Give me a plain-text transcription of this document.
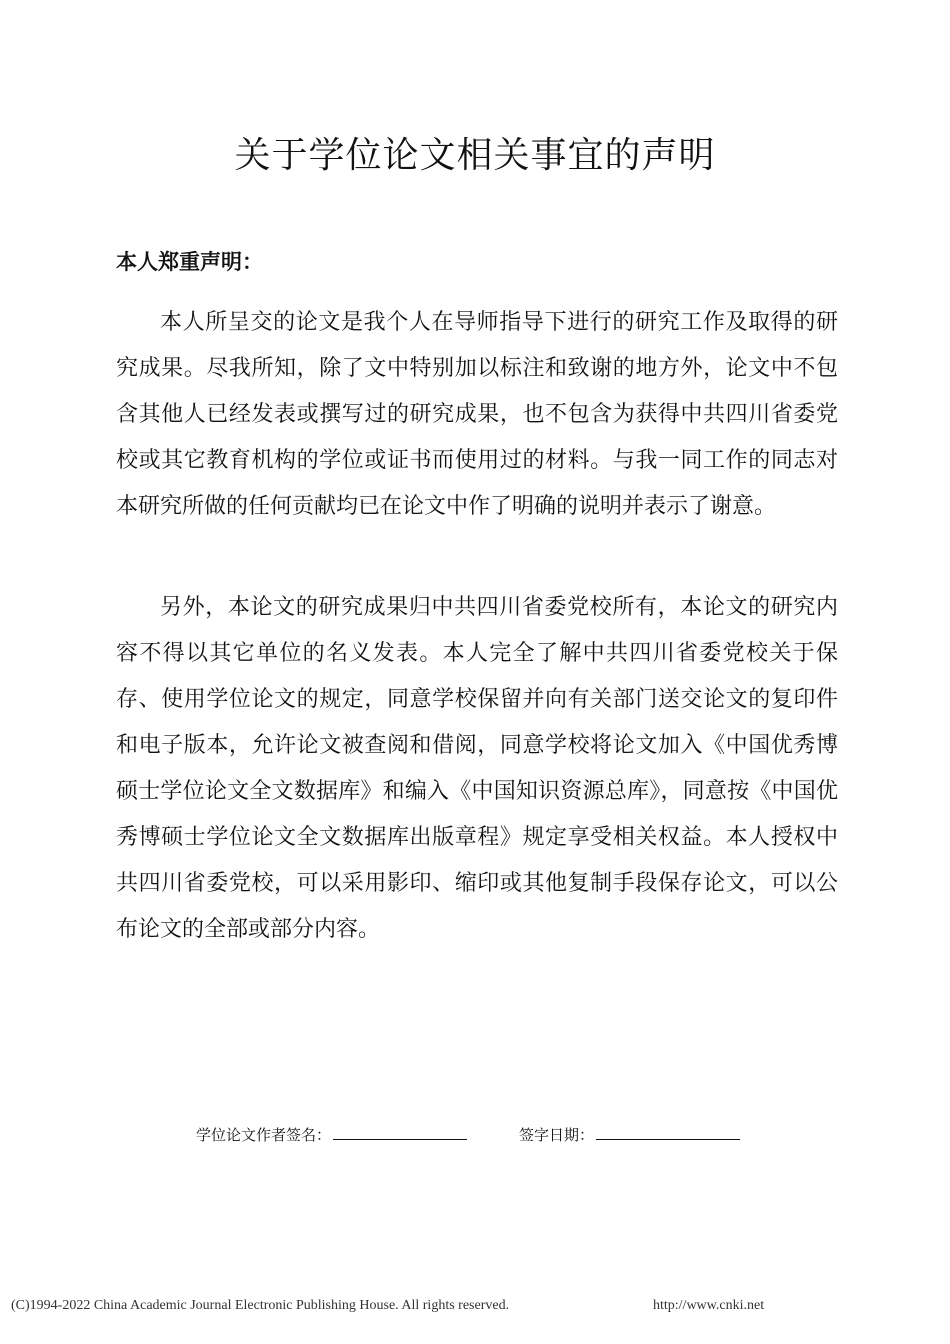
关于学位论文相关事宜的声明
本人郑重声明：
本人所呈交的论文是我个人在导师指导下进行的研究工作及取得的研究成果。尽我所知，除了文中特别加以标注和致谢的地方外，论文中不包含其他人已经发表或撰写过的研究成果，也不包含为获得中共四川省委党校或其它教育机构的学位或证书而使用过的材料。与我一同工作的同志对本研究所做的任何贡献均已在论文中作了明确的说明并表示了谢意。
另外，本论文的研究成果归中共四川省委党校所有，本论文的研究内容不得以其它单位的名义发表。本人完全了解中共四川省委党校关于保存、使用学位论文的规定，同意学校保留并向有关部门送交论文的复印件和电子版本，允许论文被查阅和借阅，同意学校将论文加入《中国优秀博硕士学位论文全文数据库》和编入《中国知识资源总库》，同意按《中国优秀博硕士学位论文全文数据库出版章程》规定享受相关权益。本人授权中共四川省委党校，可以采用影印、缩印或其他复制手段保存论文，可以公布论文的全部或部分内容。
学位论文作者签名：	签字日期：
(C)1994-2022 China Academic Journal Electronic Publishing House. All rights reserved.	http://www.cnki.net
